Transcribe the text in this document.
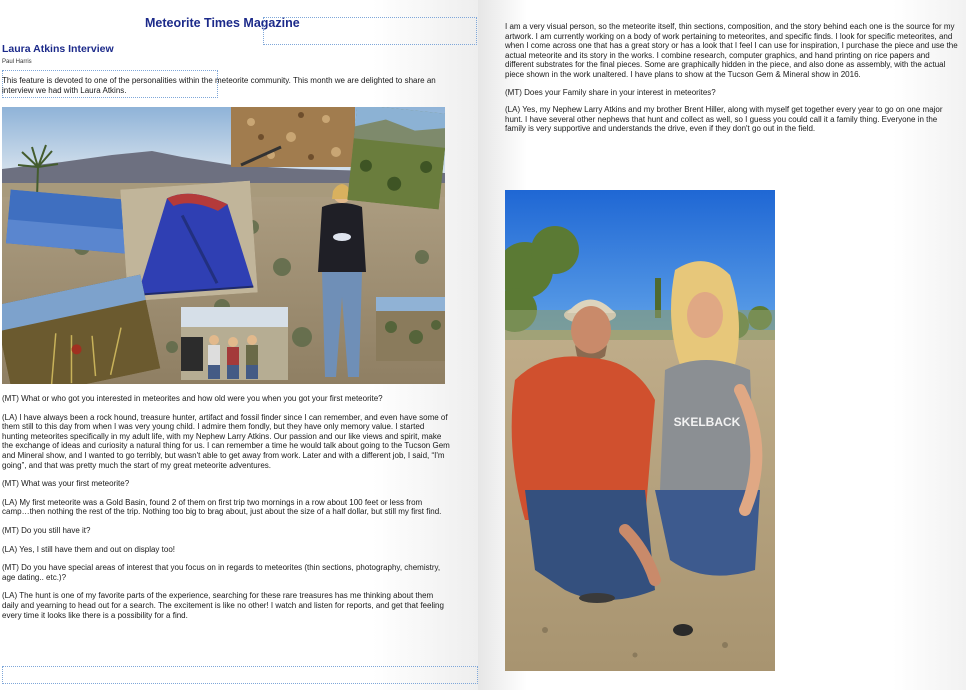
Meteorite Times Magazine
Laura Atkins Interview
Paul Harris

This feature is devoted to one of the personalities within the meteorite community. This month we are delighted to share an interview we had with Laura Atkins.

(MT) What or who got you interested in meteorites and how old were you when you got your first meteorite?

(LA) I have always been a rock hound, treasure hunter, artifact and fossil finder since I can remember, and even have some of them still to this day from when I was very young child. I admire them fondly, but they have only memory value. I started hunting meteorites specifically in my adult life, with my Nephew Larry Atkins. Our passion and our like views and spirit, make the exchange of ideas and curiosity a natural thing for us. I can remember a time he would talk about going to the Tucson Gem and Mineral show, and I wanted to go terribly, but wasn't able to get away from work. Later and with a different job, I said, “I'm going”, and that was pretty much the start of my great meteorite adventures.

(MT) What was your first meteorite?

(LA) My first meteorite was a Gold Basin, found 2 of them on first trip two mornings in a row about 100 feet or less from camp…then nothing the rest of the trip. Nothing too big to brag about, just about the size of a half dollar, but still my first find.

(MT) Do you still have it?

(LA) Yes, I still have them and out on display too!

(MT) Do you have special areas of interest that you focus on in regards to meteorites (thin sections, photography, chemistry, age dating.. etc.)?

(LA) The hunt is one of my favorite parts of the experience, searching for these rare treasures has me thinking about them daily and yearning to head out for a search. The excitement is like no other! I watch and listen for reports, and get that feeling every time it looks like there is a possibility for a find.

I am a very visual person, so the meteorite itself, thin sections, composition, and the story behind each one is the source for my artwork. I am currently working on a body of work pertaining to meteorites, and specific finds. I look for specific meteorites, and when I come across one that has a great story or has a look that I feel I can use for inspiration, I purchase the piece and use the actual meteorite and its story in the works. I combine research, computer graphics, and hand printing on rice papers and different substrates for the final pieces. Some are graphically hidden in the piece, and also done as assembly, with the actual piece shown in the work unaltered. I have plans to show at the Tucson Gem & Mineral show in 2016.

(MT) Does your Family share in your interest in meteorites?

(LA) Yes, my Nephew Larry Atkins and my brother Brent Hiller, along with myself get together every year to go on one major hunt. I have several other nephews that hunt and collect as well, so I guess you could call it a family thing. Everyone in the family is very supportive and understands the drive, even if they don't go out in the field.

SKELBACK
